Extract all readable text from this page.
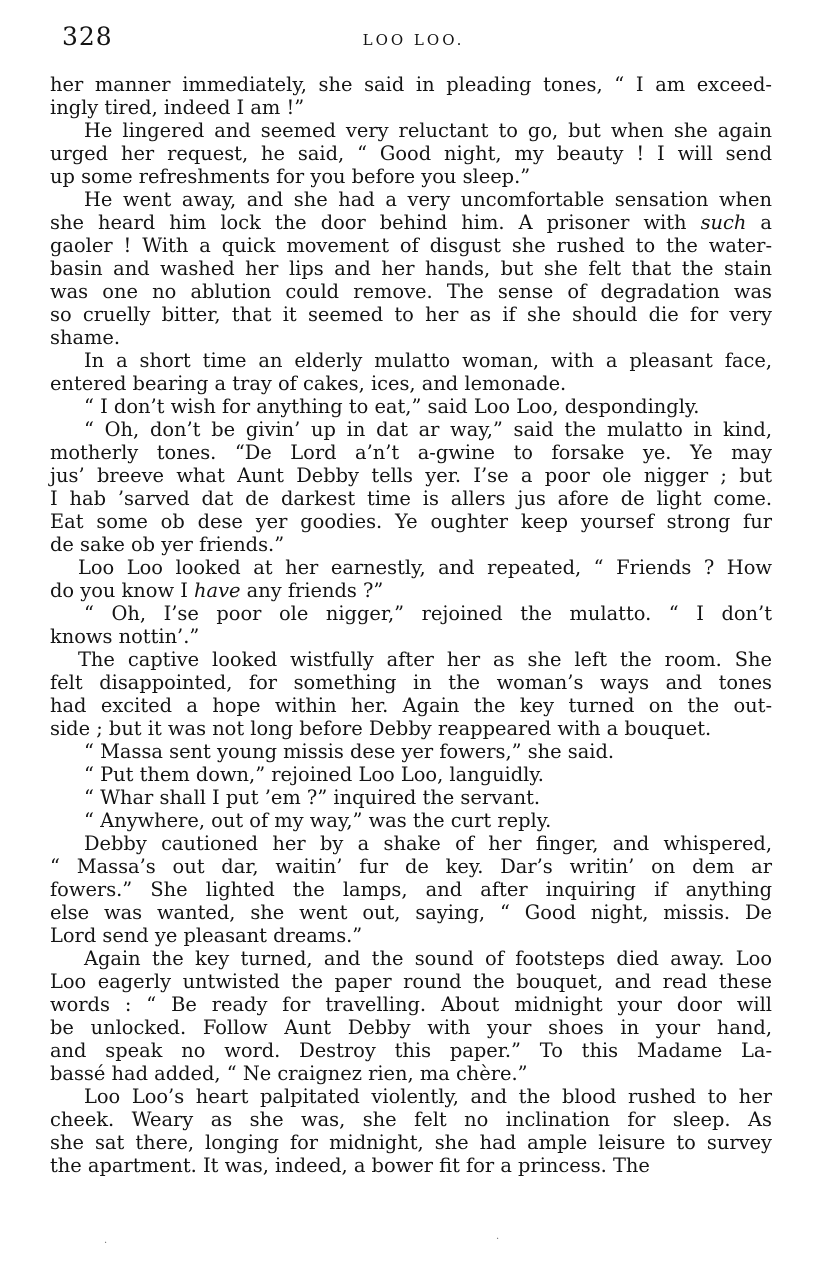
328	LOO LOO.
her manner immediately, she said in pleading tones, “ I am exceed-
ingly tired, indeed I am !”
He lingered and seemed very reluctant to go, but when she again
urged her request, he said, “ Good night, my beauty ! I will send
up some refreshments for you before you sleep.”
He went away, and she had a very uncomfortable sensation when
she heard him lock the door behind him. A prisoner with such a
gaoler ! With a quick movement of disgust she rushed to the water-
basin and washed her lips and her hands, but she felt that the stain
was one no ablution could remove. The sense of degradation was
so cruelly bitter, that it seemed to her as if she should die for very
shame.
In a short time an elderly mulatto woman, with a pleasant face,
entered bearing a tray of cakes, ices, and lemonade.
“ I don’t wish for anything to eat,” said Loo Loo, despondingly.
“ Oh, don’t be givin’ up in dat ar way,” said the mulatto in kind,
motherly tones. “De Lord a’n’t a-gwine to forsake ye. Ye may
jus’ breeve what Aunt Debby tells yer. I’se a poor ole nigger ; but
I hab ’sarved dat de darkest time is allers jus afore de light come.
Eat some ob dese yer goodies. Ye oughter keep yoursef strong fur
de sake ob yer friends.”
Loo Loo looked at her earnestly, and repeated, “ Friends ? How
do you know I have any friends ?”
“ Oh, I’se poor ole nigger,” rejoined the mulatto. “ I don’t
knows nottin’.”
The captive looked wistfully after her as she left the room. She
felt disappointed, for something in the woman’s ways and tones
had excited a hope within her. Again the key turned on the out-
side ; but it was not long before Debby reappeared with a bouquet.
“ Massa sent young missis dese yer fowers,” she said.
“ Put them down,” rejoined Loo Loo, languidly.
“ Whar shall I put ’em ?” inquired the servant.
“ Anywhere, out of my way,” was the curt reply.
Debby cautioned her by a shake of her finger, and whispered,
“ Massa’s out dar, waitin’ fur de key. Dar’s writin’ on dem ar
fowers.” She lighted the lamps, and after inquiring if anything
else was wanted, she went out, saying, “ Good night, missis. De
Lord send ye pleasant dreams.”
Again the key turned, and the sound of footsteps died away. Loo
Loo eagerly untwisted the paper round the bouquet, and read these
words : “ Be ready for travelling. About midnight your door will
be unlocked. Follow Aunt Debby with your shoes in your hand,
and speak no word. Destroy this paper.” To this Madame La-
bassé had added, “ Ne craignez rien, ma chère.”
Loo Loo’s heart palpitated violently, and the blood rushed to her
cheek. Weary as she was, she felt no inclination for sleep. As
she sat there, longing for midnight, she had ample leisure to survey
the apartment. It was, indeed, a bower fit for a princess. The
·	·
